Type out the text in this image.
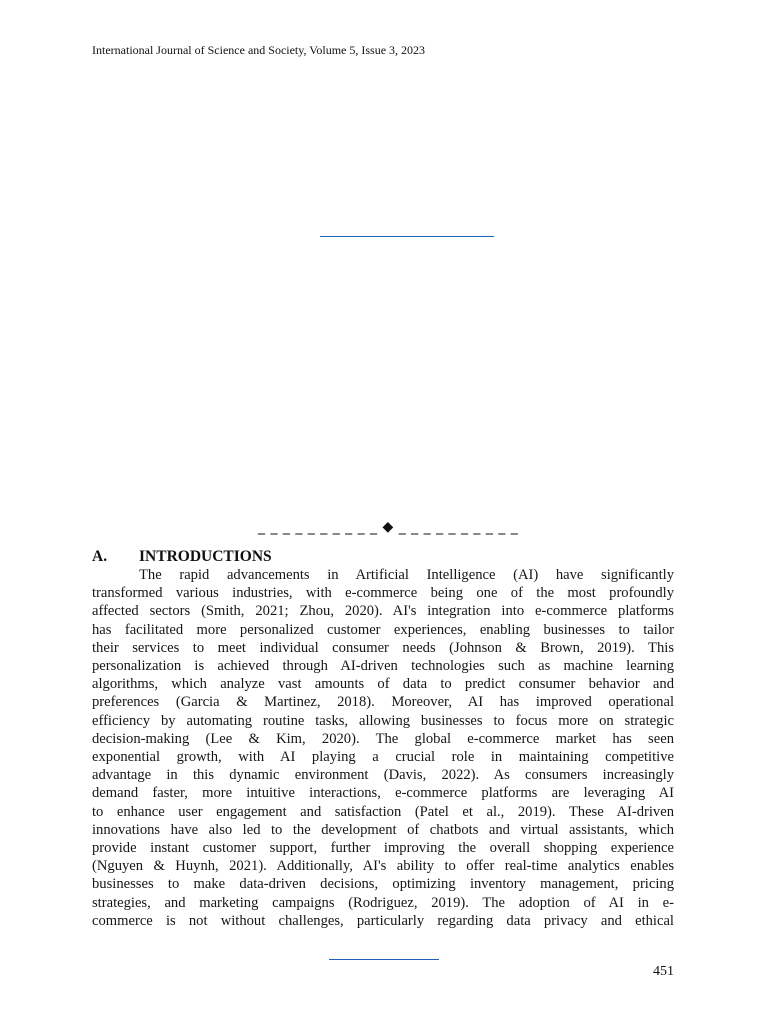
International Journal of Science and Society, Volume 5, Issue 3, 2023
_ _ _ _ _ _ _ _ _ _ ◆ _ _ _ _ _ _ _ _ _ _
A. INTRODUCTIONS
The rapid advancements in Artificial Intelligence (AI) have significantly
transformed various industries, with e-commerce being one of the most profoundly
affected sectors (Smith, 2021; Zhou, 2020). AI's integration into e-commerce platforms
has facilitated more personalized customer experiences, enabling businesses to tailor
their services to meet individual consumer needs (Johnson & Brown, 2019). This
personalization is achieved through AI-driven technologies such as machine learning
algorithms, which analyze vast amounts of data to predict consumer behavior and
preferences (Garcia & Martinez, 2018). Moreover, AI has improved operational
efficiency by automating routine tasks, allowing businesses to focus more on strategic
decision-making (Lee & Kim, 2020). The global e-commerce market has seen
exponential growth, with AI playing a crucial role in maintaining competitive
advantage in this dynamic environment (Davis, 2022). As consumers increasingly
demand faster, more intuitive interactions, e-commerce platforms are leveraging AI
to enhance user engagement and satisfaction (Patel et al., 2019). These AI-driven
innovations have also led to the development of chatbots and virtual assistants, which
provide instant customer support, further improving the overall shopping experience
(Nguyen & Huynh, 2021). Additionally, AI's ability to offer real-time analytics enables
businesses to make data-driven decisions, optimizing inventory management, pricing
strategies, and marketing campaigns (Rodriguez, 2019). The adoption of AI in e-
commerce is not without challenges, particularly regarding data privacy and ethical
451
